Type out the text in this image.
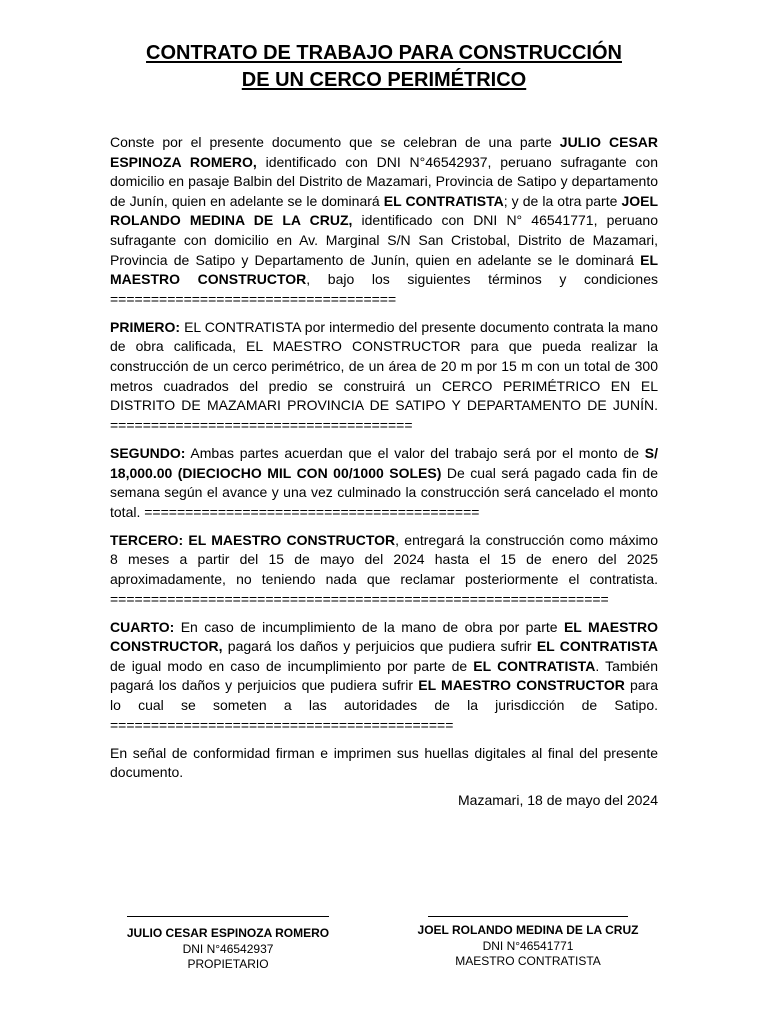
CONTRATO DE TRABAJO PARA CONSTRUCCIÓN
DE UN CERCO PERIMÉTRICO

Conste por el presente documento que se celebran de una parte JULIO CESAR ESPINOZA ROMERO, identificado con DNI N°46542937, peruano sufragante con domicilio en pasaje Balbin del Distrito de Mazamari, Provincia de Satipo y departamento de Junín, quien en adelante se le dominará EL CONTRATISTA; y de la otra parte JOEL ROLANDO MEDINA DE LA CRUZ, identificado con DNI N° 46541771, peruano sufragante con domicilio en Av. Marginal S/N San Cristobal, Distrito de Mazamari, Provincia de Satipo y Departamento de Junín, quien en adelante se le dominará EL MAESTRO CONSTRUCTOR, bajo los siguientes términos y condiciones ===================================

PRIMERO: EL CONTRATISTA por intermedio del presente documento contrata la mano de obra calificada, EL MAESTRO CONSTRUCTOR para que pueda realizar la construcción de un cerco perimétrico, de un área de 20 m por 15 m con un total de 300 metros cuadrados del predio se construirá un CERCO PERIMÉTRICO EN EL DISTRITO DE MAZAMARI PROVINCIA DE SATIPO Y DEPARTAMENTO DE JUNÍN. =====================================

SEGUNDO: Ambas partes acuerdan que el valor del trabajo será por el monto de S/ 18,000.00 (DIECIOCHO MIL CON 00/1000 SOLES) De cual será pagado cada fin de semana según el avance y una vez culminado la construcción será cancelado el monto total. =========================================

TERCERO: EL MAESTRO CONSTRUCTOR, entregará la construcción como máximo 8 meses a partir del 15 de mayo del 2024 hasta el 15 de enero del 2025 aproximadamente, no teniendo nada que reclamar posteriormente el contratista. =============================================================

CUARTO: En caso de incumplimiento de la mano de obra por parte EL MAESTRO CONSTRUCTOR, pagará los daños y perjuicios que pudiera sufrir EL CONTRATISTA de igual modo en caso de incumplimiento por parte de EL CONTRATISTA. También pagará los daños y perjuicios que pudiera sufrir EL MAESTRO CONSTRUCTOR para lo cual se someten a las autoridades de la jurisdicción de Satipo. ==========================================

En señal de conformidad firman e imprimen sus huellas digitales al final del presente documento.

Mazamari, 18 de mayo del 2024

JULIO CESAR ESPINOZA ROMERO
DNI N°46542937
PROPIETARIO
JOEL ROLANDO MEDINA DE LA CRUZ
DNI N°46541771
MAESTRO CONTRATISTA
